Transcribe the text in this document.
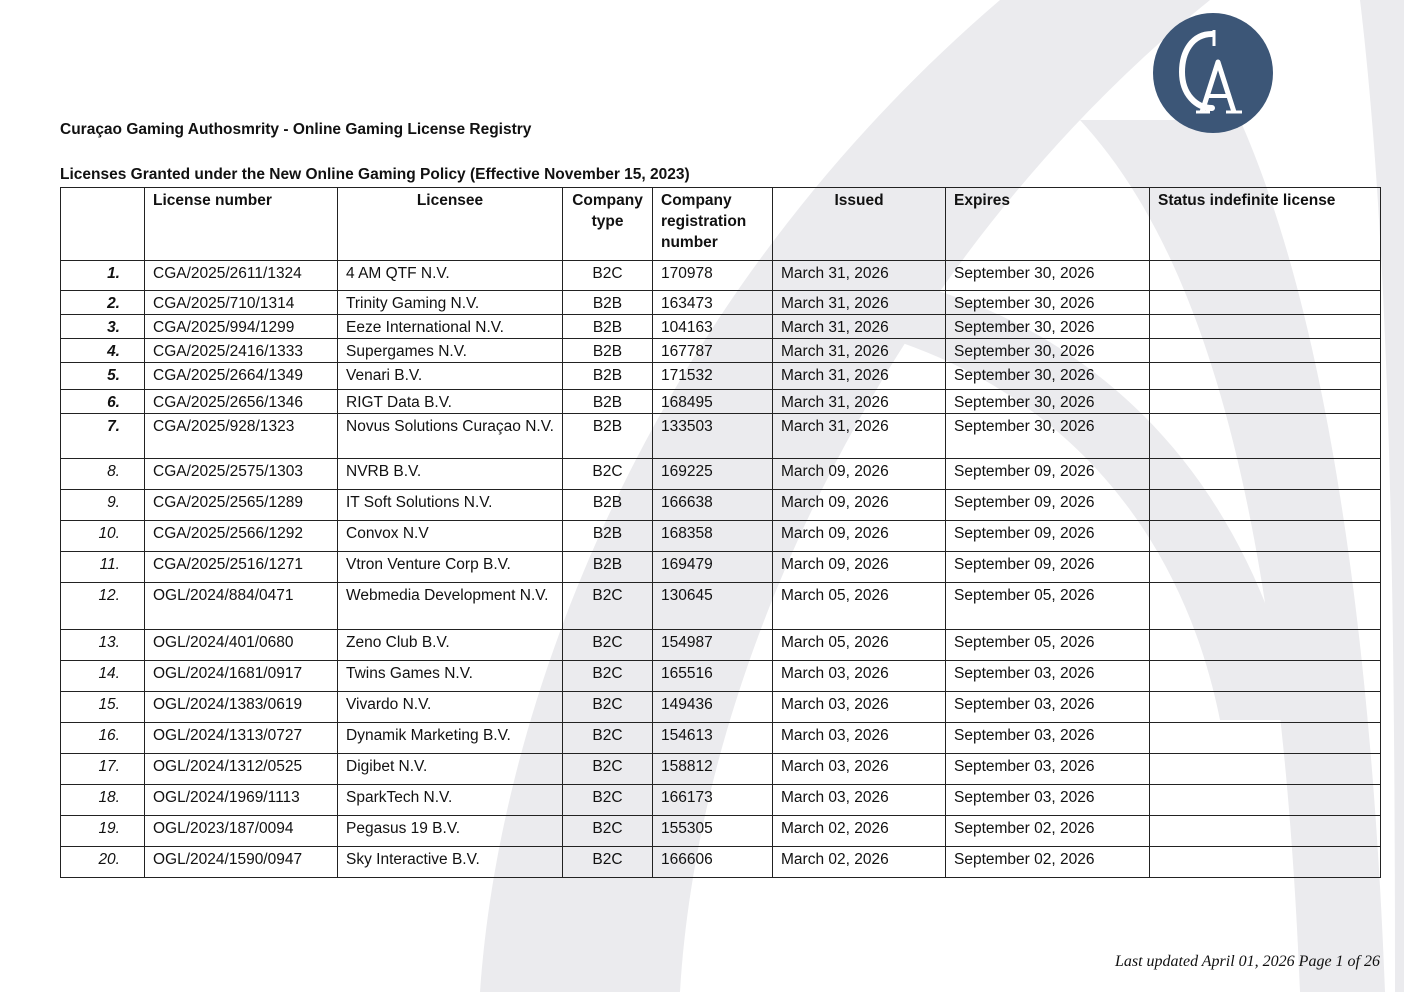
Curaçao Gaming Authosmrity - Online Gaming License Registry
Licenses Granted under the New Online Gaming Policy (Effective November 15, 2023)
	License number	Licensee	Company type	Company registration number	Issued	Expires	Status indefinite license
1.	CGA/2025/2611/1324	4 AM QTF N.V.	B2C	170978	March 31, 2026	September 30, 2026	
2.	CGA/2025/710/1314	Trinity Gaming N.V.	B2B	163473	March 31, 2026	September 30, 2026	
3.	CGA/2025/994/1299	Eeze International N.V.	B2B	104163	March 31, 2026	September 30, 2026	
4.	CGA/2025/2416/1333	Supergames N.V.	B2B	167787	March 31, 2026	September 30, 2026	
5.	CGA/2025/2664/1349	Venari B.V.	B2B	171532	March 31, 2026	September 30, 2026	
6.	CGA/2025/2656/1346	RIGT Data B.V.	B2B	168495	March 31, 2026	September 30, 2026	
7.	CGA/2025/928/1323	Novus Solutions Curaçao N.V.	B2B	133503	March 31, 2026	September 30, 2026	
8.	CGA/2025/2575/1303	NVRB B.V.	B2C	169225	March 09, 2026	September 09, 2026	
9.	CGA/2025/2565/1289	IT Soft Solutions N.V.	B2B	166638	March 09, 2026	September 09, 2026	
10.	CGA/2025/2566/1292	Convox N.V	B2B	168358	March 09, 2026	September 09, 2026	
11.	CGA/2025/2516/1271	Vtron Venture Corp B.V.	B2B	169479	March 09, 2026	September 09, 2026	
12.	OGL/2024/884/0471	Webmedia Development N.V.	B2C	130645	March 05, 2026	September 05, 2026	
13.	OGL/2024/401/0680	Zeno Club B.V.	B2C	154987	March 05, 2026	September 05, 2026	
14.	OGL/2024/1681/0917	Twins Games N.V.	B2C	165516	March 03, 2026	September 03, 2026	
15.	OGL/2024/1383/0619	Vivardo N.V.	B2C	149436	March 03, 2026	September 03, 2026	
16.	OGL/2024/1313/0727	Dynamik Marketing B.V.	B2C	154613	March 03, 2026	September 03, 2026	
17.	OGL/2024/1312/0525	Digibet N.V.	B2C	158812	March 03, 2026	September 03, 2026	
18.	OGL/2024/1969/1113	SparkTech N.V.	B2C	166173	March 03, 2026	September 03, 2026	
19.	OGL/2023/187/0094	Pegasus 19 B.V.	B2C	155305	March 02, 2026	September 02, 2026	
20.	OGL/2024/1590/0947	Sky Interactive B.V.	B2C	166606	March 02, 2026	September 02, 2026	
Last updated April 01, 2026 Page 1 of 26
